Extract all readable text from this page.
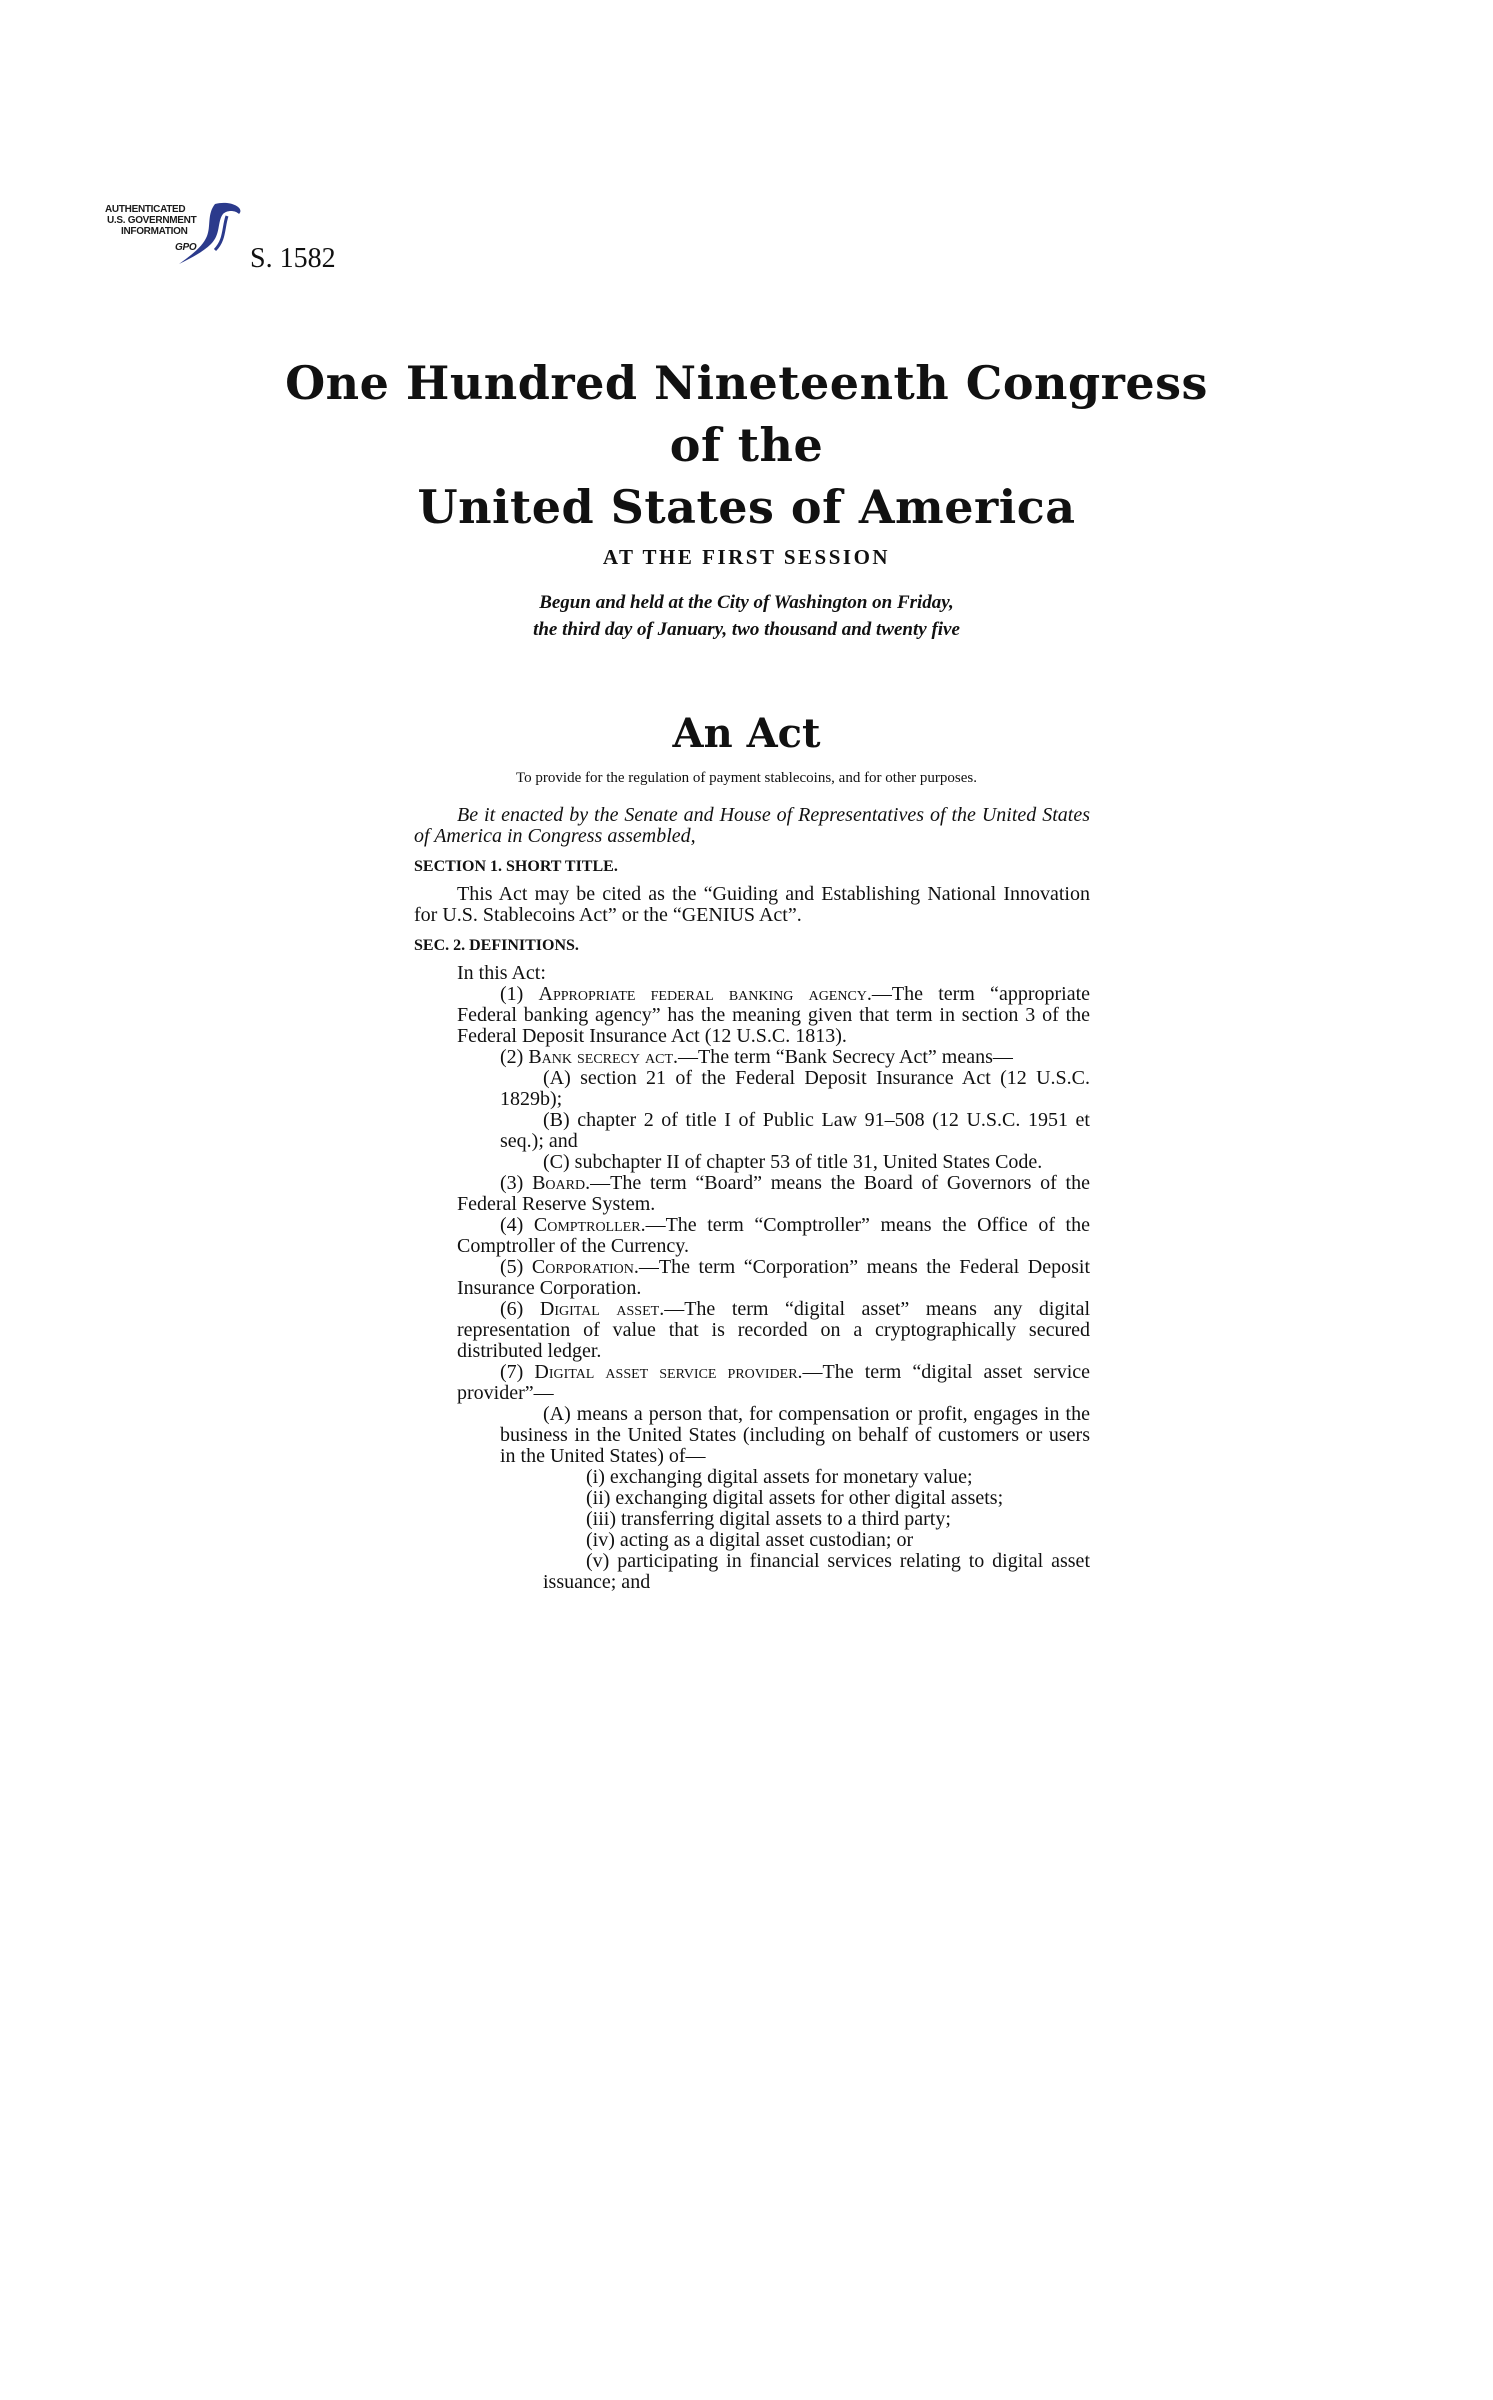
AUTHENTICATED
U.S. GOVERNMENT
INFORMATION
GPO S. 1582
One Hundred Nineteenth Congress
of the
United States of America
AT THE FIRST SESSION
Begun and held at the City of Washington on Friday,
the third day of January, two thousand and twenty five
An Act
To provide for the regulation of payment stablecoins, and for other purposes.

Be it enacted by the Senate and House of Representatives of the United States of America in Congress assembled,

SECTION 1. SHORT TITLE.

This Act may be cited as the “Guiding and Establishing National Innovation for U.S. Stablecoins Act” or the “GENIUS Act”.

SEC. 2. DEFINITIONS.

In this Act:

(1) Appropriate federal banking agency.—The term “appropriate Federal banking agency” has the meaning given that term in section 3 of the Federal Deposit Insurance Act (12 U.S.C. 1813).

(2) Bank secrecy act.—The term “Bank Secrecy Act” means—

(A) section 21 of the Federal Deposit Insurance Act (12 U.S.C. 1829b);

(B) chapter 2 of title I of Public Law 91–508 (12 U.S.C. 1951 et seq.); and

(C) subchapter II of chapter 53 of title 31, United States Code.

(3) Board.—The term “Board” means the Board of Governors of the Federal Reserve System.

(4) Comptroller.—The term “Comptroller” means the Office of the Comptroller of the Currency.

(5) Corporation.—The term “Corporation” means the Federal Deposit Insurance Corporation.

(6) Digital asset.—The term “digital asset” means any digital representation of value that is recorded on a cryptographically secured distributed ledger.

(7) Digital asset service provider.—The term “digital asset service provider”—

(A) means a person that, for compensation or profit, engages in the business in the United States (including on behalf of customers or users in the United States) of—

(i) exchanging digital assets for monetary value;

(ii) exchanging digital assets for other digital assets;

(iii) transferring digital assets to a third party;

(iv) acting as a digital asset custodian; or

(v) participating in financial services relating to digital asset issuance; and
